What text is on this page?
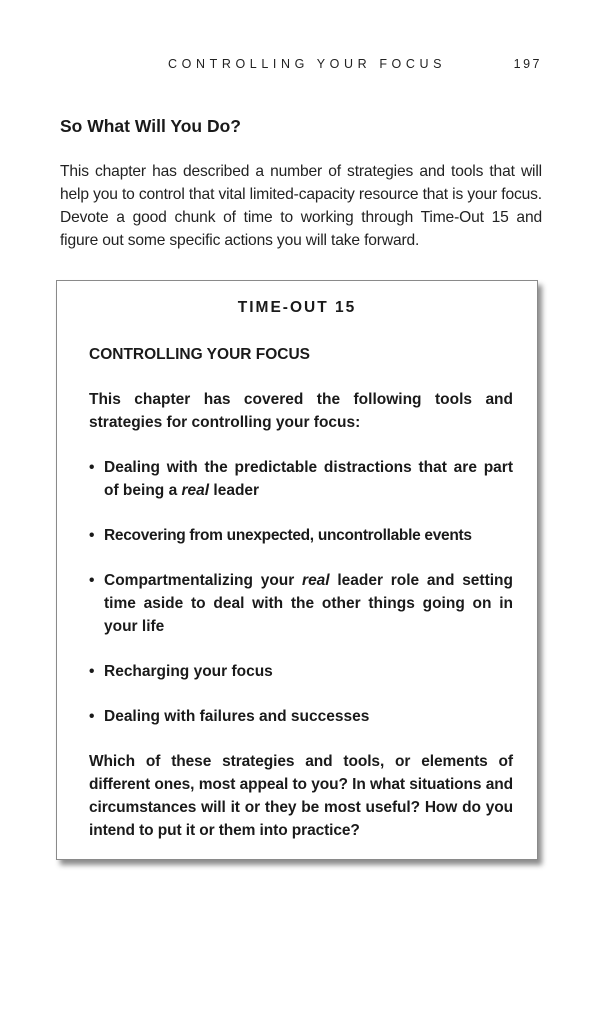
CONTROLLING YOUR FOCUS	197
So What Will You Do?

This chapter has described a number of strategies and tools that will help you to control that vital limited-capacity resource that is your focus. Devote a good chunk of time to working through Time-Out 15 and figure out some specific actions you will take forward.

TIME-OUT 15

CONTROLLING YOUR FOCUS

This chapter has covered the following tools and strategies for controlling your focus:

• Dealing with the predictable distractions that are part of being a real leader
• Recovering from unexpected, uncontrollable events
• Compartmentalizing your real leader role and setting time aside to deal with the other things going on in your life
• Recharging your focus
• Dealing with failures and successes

Which of these strategies and tools, or elements of different ones, most appeal to you? In what situations and circumstances will it or they be most useful? How do you intend to put it or them into practice?
